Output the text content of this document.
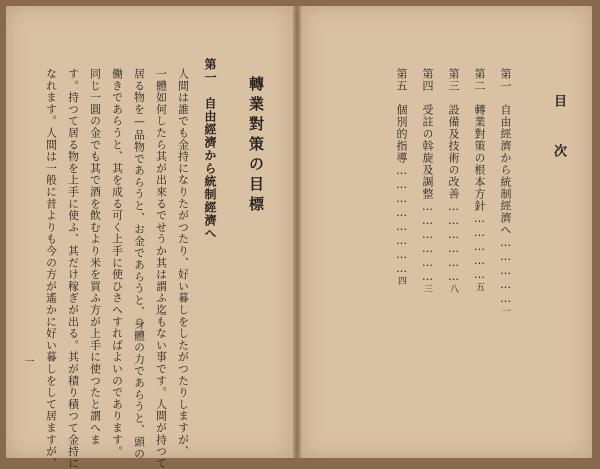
轉業對策の目標
第一　自由經濟から統制經濟へ
人間は誰でも金持になりたがつたり、好い暮しをしたがつたりしますが、
一體如何したら其が出來るでせうか其は謂ふ迄もない事です。人間が持つて
居る物を—品物であらうと、お金であらうと、身體の力であらうと、頭の
働きであらうと、其を成る可く上手に使ひさへすればよいのであります。
同じ一圓の金でも其で酒を飲むより米を買ふ方が上手に使つたと謂へま
す。持つて居る物を上手に使ふ、其だけ稼ぎが出る。其が積り積つて金持に
なれます。人間は一般に昔よりも今の方が遙かに好い暮しをして居ますが、
一
目　次
第一　自由經濟から統制經濟へ……………一
第二　轉業對策の根本方針……………五
第三　設備及技術の改善………………八
第四　受註の斡旋及調整………………三
第五　個別的指導……………………四
